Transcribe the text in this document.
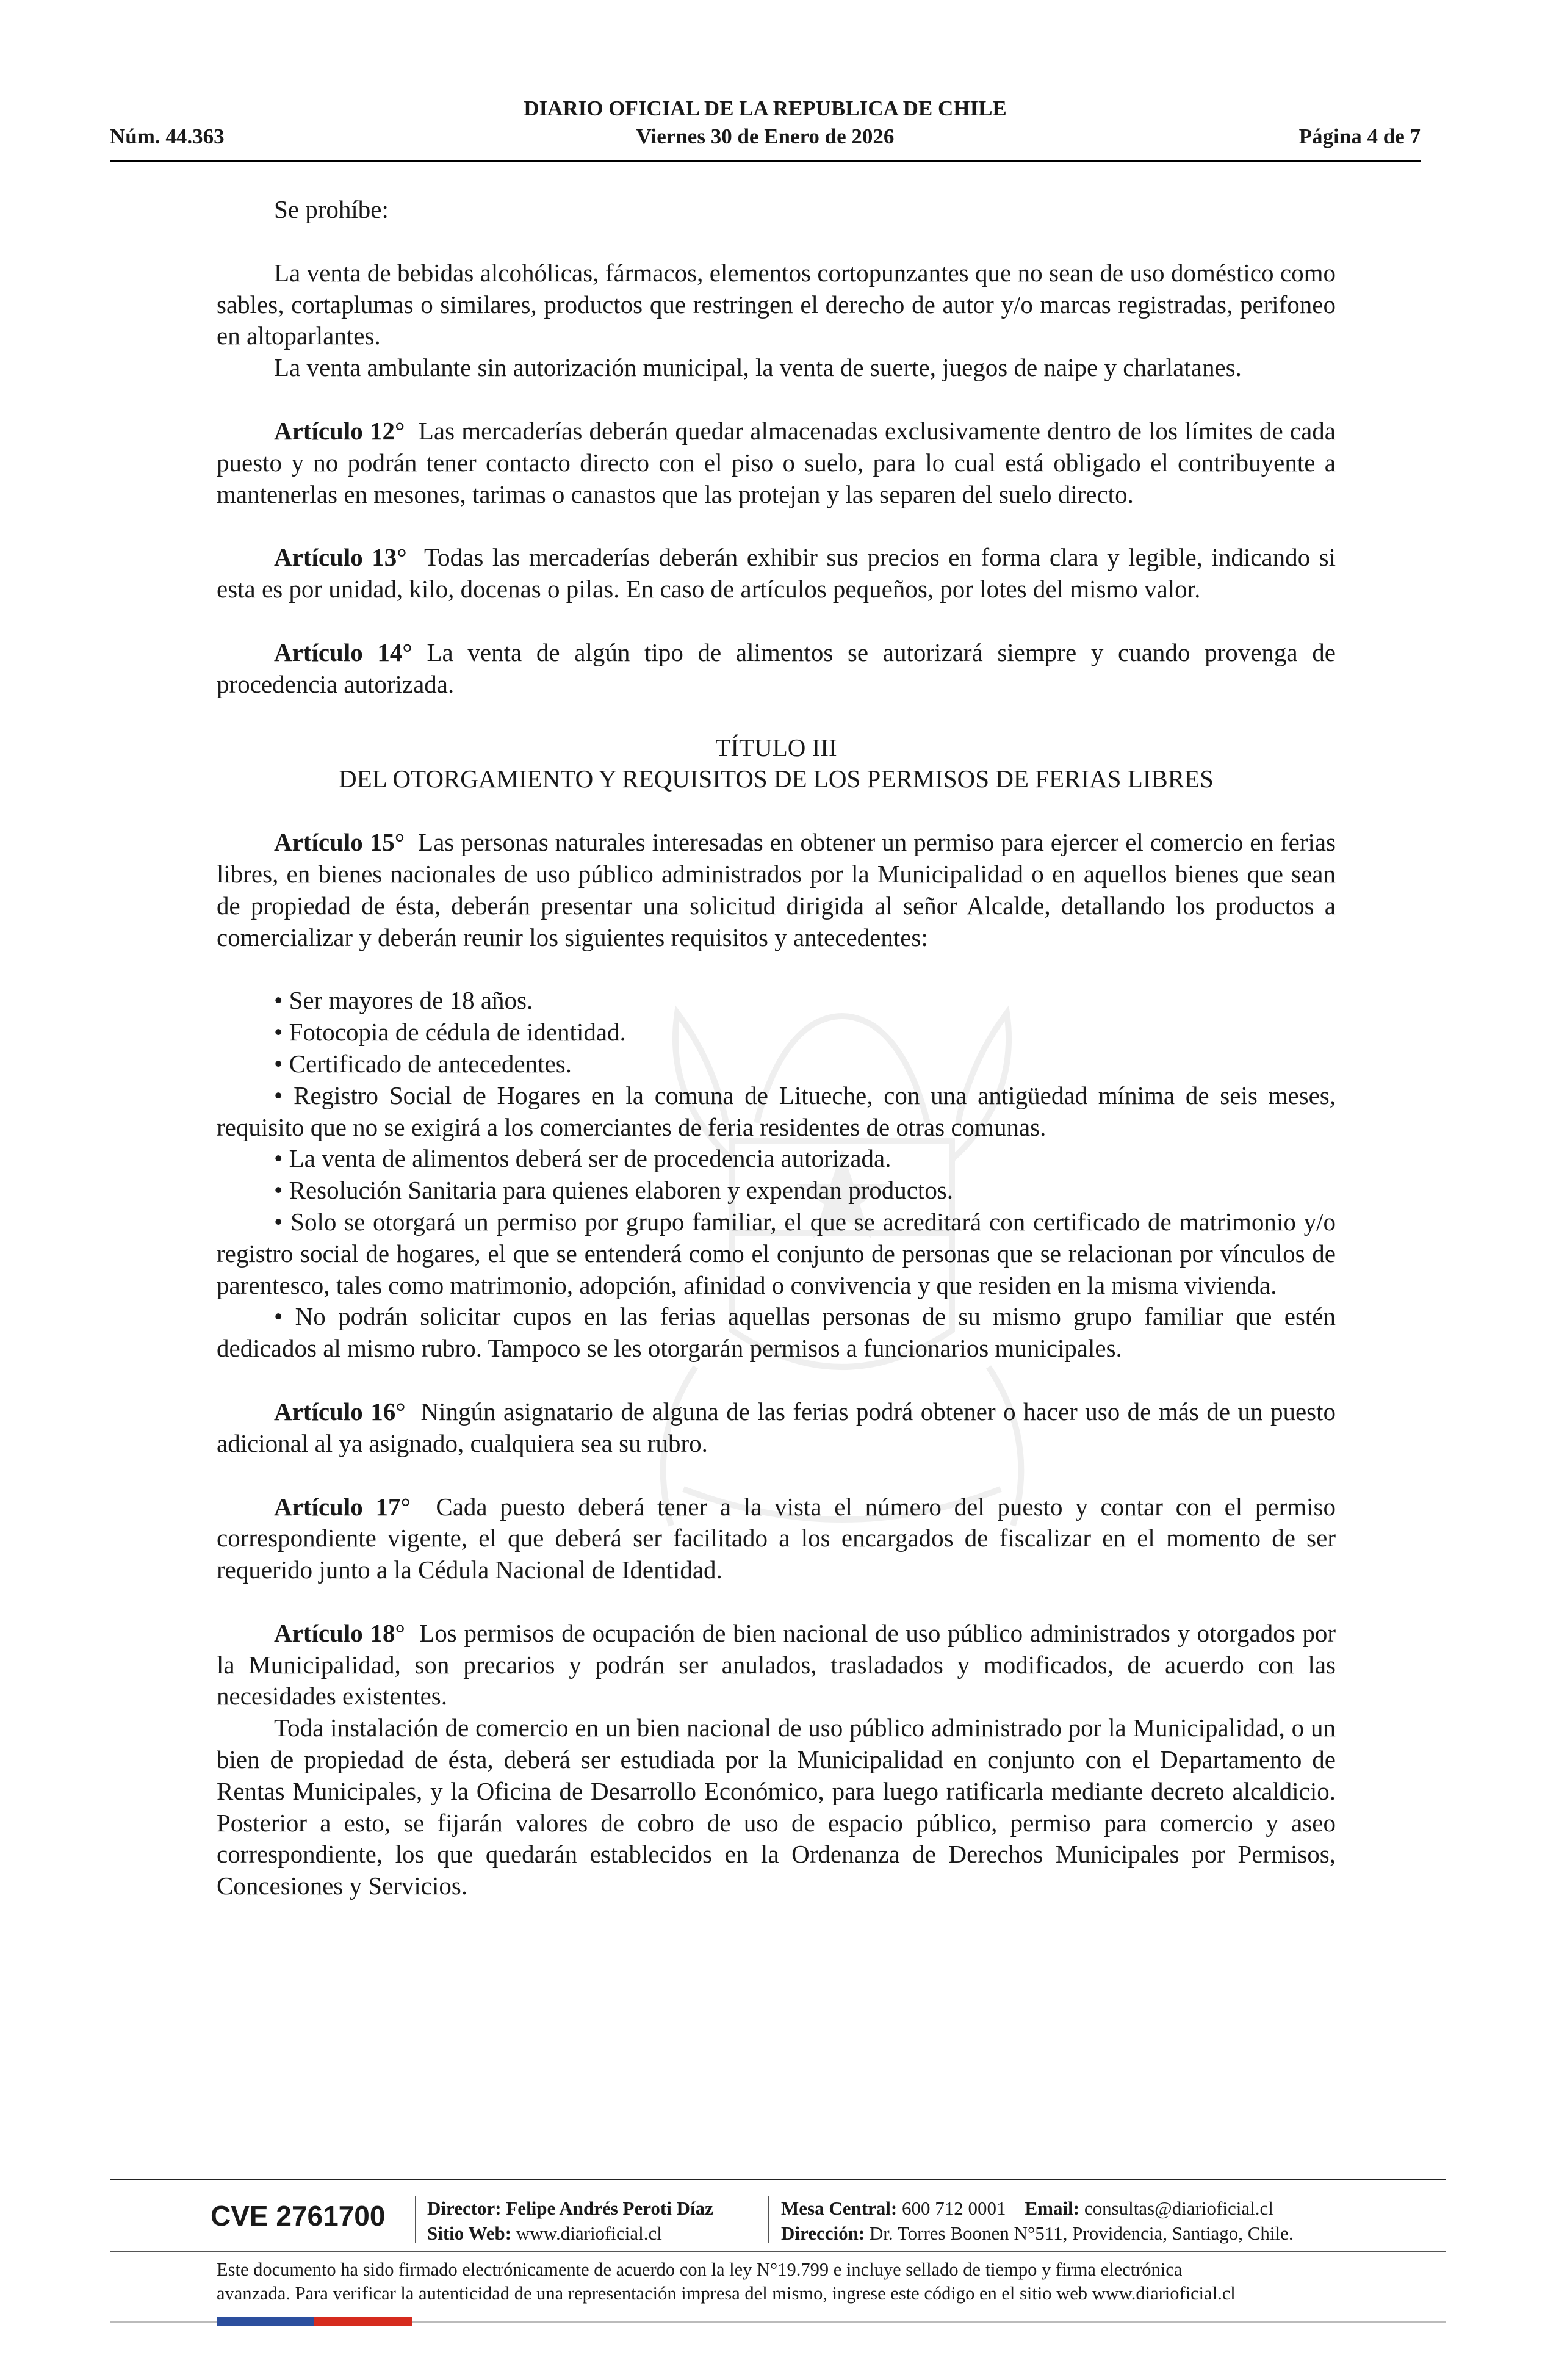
DIARIO OFICIAL DE LA REPUBLICA DE CHILE
Núm. 44.363	Viernes 30 de Enero de 2026	Página 4 de 7

Se prohíbe:

La venta de bebidas alcohólicas, fármacos, elementos cortopunzantes que no sean de uso doméstico como sables, cortaplumas o similares, productos que restringen el derecho de autor y/o marcas registradas, perifoneo en altoparlantes.

La venta ambulante sin autorización municipal, la venta de suerte, juegos de naipe y charlatanes.

Artículo 12° Las mercaderías deberán quedar almacenadas exclusivamente dentro de los límites de cada puesto y no podrán tener contacto directo con el piso o suelo, para lo cual está obligado el contribuyente a mantenerlas en mesones, tarimas o canastos que las protejan y las separen del suelo directo.

Artículo 13° Todas las mercaderías deberán exhibir sus precios en forma clara y legible, indicando si esta es por unidad, kilo, docenas o pilas. En caso de artículos pequeños, por lotes del mismo valor.

Artículo 14° La venta de algún tipo de alimentos se autorizará siempre y cuando provenga de procedencia autorizada.

TÍTULO III

DEL OTORGAMIENTO Y REQUISITOS DE LOS PERMISOS DE FERIAS LIBRES

Artículo 15° Las personas naturales interesadas en obtener un permiso para ejercer el comercio en ferias libres, en bienes nacionales de uso público administrados por la Municipalidad o en aquellos bienes que sean de propiedad de ésta, deberán presentar una solicitud dirigida al señor Alcalde, detallando los productos a comercializar y deberán reunir los siguientes requisitos y antecedentes:

• Ser mayores de 18 años.

• Fotocopia de cédula de identidad.

• Certificado de antecedentes.

• Registro Social de Hogares en la comuna de Litueche, con una antigüedad mínima de seis meses, requisito que no se exigirá a los comerciantes de feria residentes de otras comunas.

• La venta de alimentos deberá ser de procedencia autorizada.

• Resolución Sanitaria para quienes elaboren y expendan productos.

• Solo se otorgará un permiso por grupo familiar, el que se acreditará con certificado de matrimonio y/o registro social de hogares, el que se entenderá como el conjunto de personas que se relacionan por vínculos de parentesco, tales como matrimonio, adopción, afinidad o convivencia y que residen en la misma vivienda.

• No podrán solicitar cupos en las ferias aquellas personas de su mismo grupo familiar que estén dedicados al mismo rubro. Tampoco se les otorgarán permisos a funcionarios municipales.

Artículo 16° Ningún asignatario de alguna de las ferias podrá obtener o hacer uso de más de un puesto adicional al ya asignado, cualquiera sea su rubro.

Artículo 17° Cada puesto deberá tener a la vista el número del puesto y contar con el permiso correspondiente vigente, el que deberá ser facilitado a los encargados de fiscalizar en el momento de ser requerido junto a la Cédula Nacional de Identidad.

Artículo 18° Los permisos de ocupación de bien nacional de uso público administrados y otorgados por la Municipalidad, son precarios y podrán ser anulados, trasladados y modificados, de acuerdo con las necesidades existentes.

Toda instalación de comercio en un bien nacional de uso público administrado por la Municipalidad, o un bien de propiedad de ésta, deberá ser estudiada por la Municipalidad en conjunto con el Departamento de Rentas Municipales, y la Oficina de Desarrollo Económico, para luego ratificarla mediante decreto alcaldicio. Posterior a esto, se fijarán valores de cobro de uso de espacio público, permiso para comercio y aseo correspondiente, los que quedarán establecidos en la Ordenanza de Derechos Municipales por Permisos, Concesiones y Servicios.

CVE 2761700 Director: Felipe Andrés Peroti Díaz
Sitio Web: www.diarioficial.cl
Mesa Central: 600 712 0001 Email: consultas@diarioficial.cl
Dirección: Dr. Torres Boonen N°511, Providencia, Santiago, Chile.
Este documento ha sido firmado electrónicamente de acuerdo con la ley N°19.799 e incluye sellado de tiempo y firma electrónica
avanzada. Para verificar la autenticidad de una representación impresa del mismo, ingrese este código en el sitio web www.diarioficial.cl
